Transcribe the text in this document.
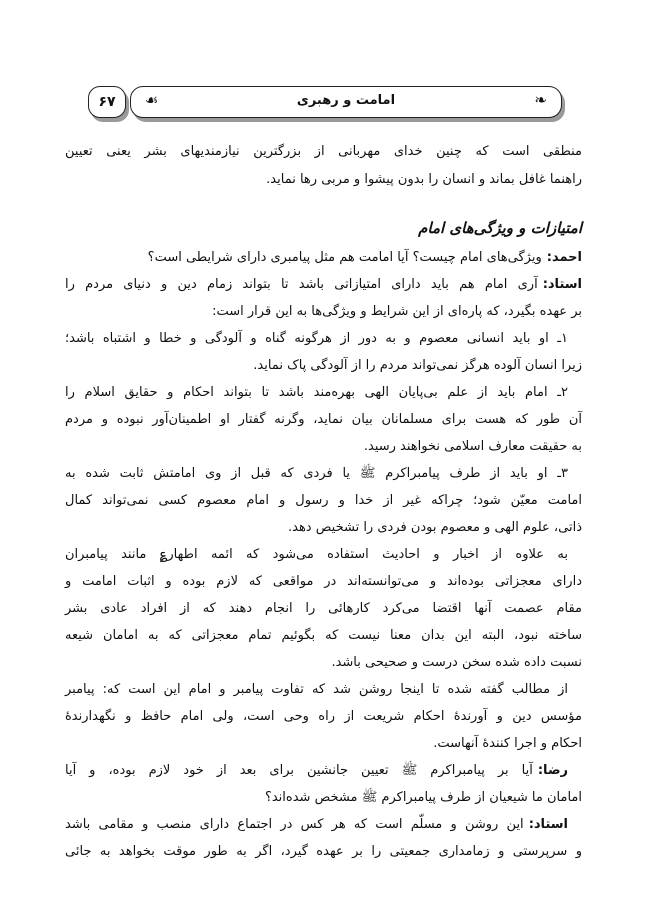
۶۷	☙	امامت و رهبری	❧
منطقی است که چنین خدای مهربانی از بزرگترین نیازمندیهای بشر یعنی تعیین
راهنما غافل بماند و انسان را بدون پیشوا و مربی رها نماید.
امتیازات و ویژگی‌های امام
احمد:ویژگی‌های امام چیست؟ آیا امامت هم مثل پیامبری دارای شرایطی است؟
استاد:آری امام هم باید دارای امتیازاتی باشد تا بتواند زمام دین و دنیای مردم را
بر عهده بگیرد، که پاره‌ای از این شرایط و ویژگی‌ها به این قرار است:
۱ـ او باید انسانی معصوم و به دور از هرگونه گناه و آلودگی و خطا و اشتباه باشد؛
زیرا انسان آلوده هرگز نمی‌تواند مردم را از آلودگی پاک نماید.
۲ـ امام باید از علم بی‌پایان الهی بهره‌مند باشد تا بتواند احکام و حقایق اسلام را
آن طور که هست برای مسلمانان بیان نماید، وگرنه گفتار او اطمینان‌آور نبوده و مردم
به حقیقت معارف اسلامی نخواهند رسید.
۳ـ او باید از طرف پیامبراکرم ﷺ یا فردی که قبل از وی امامتش ثابت شده به
امامت معیّن شود؛ چراکه غیر از خدا و رسول و امام معصوم کسی نمی‌تواند کمال
ذاتی، علوم الهی و معصوم بودن فردی را تشخیص دهد.
به علاوه از اخبار و احادیث استفاده می‌شود که ائمه اطهار؏ مانند پیامبران
دارای معجزاتی بوده‌اند و می‌توانسته‌اند در مواقعی که لازم بوده و اثبات امامت و
مقام عصمت آنها اقتضا می‌کرد کارهائی را انجام دهند که از افراد عادی بشر
ساخته نبود، البته این بدان معنا نیست که بگوئیم تمام معجزاتی که به امامان شیعه
نسبت داده شده سخن درست و صحیحی باشد.
از مطالب گفته شده تا اینجا روشن شد که تفاوت پیامبر و امام این است که: پیامبر
مؤسس دین و آورندهٔ احکام شریعت از راه وحی است، ولی امام حافظ و نگهدارندهٔ
احکام و اجرا کنندهٔ آنهاست.
رضا:آیا بر پیامبراکرم ﷺ تعیین جانشین برای بعد از خود لازم بوده، و آیا
امامان ما شیعیان از طرف پیامبراکرم ﷺ مشخص شده‌اند؟
استاد:این روشن و مسلّم است که هر کس در اجتماع دارای منصب و مقامی باشد
و سرپرستی و زمامداری جمعیتی را بر عهده گیرد، اگر به طور موقت بخواهد به جائی
